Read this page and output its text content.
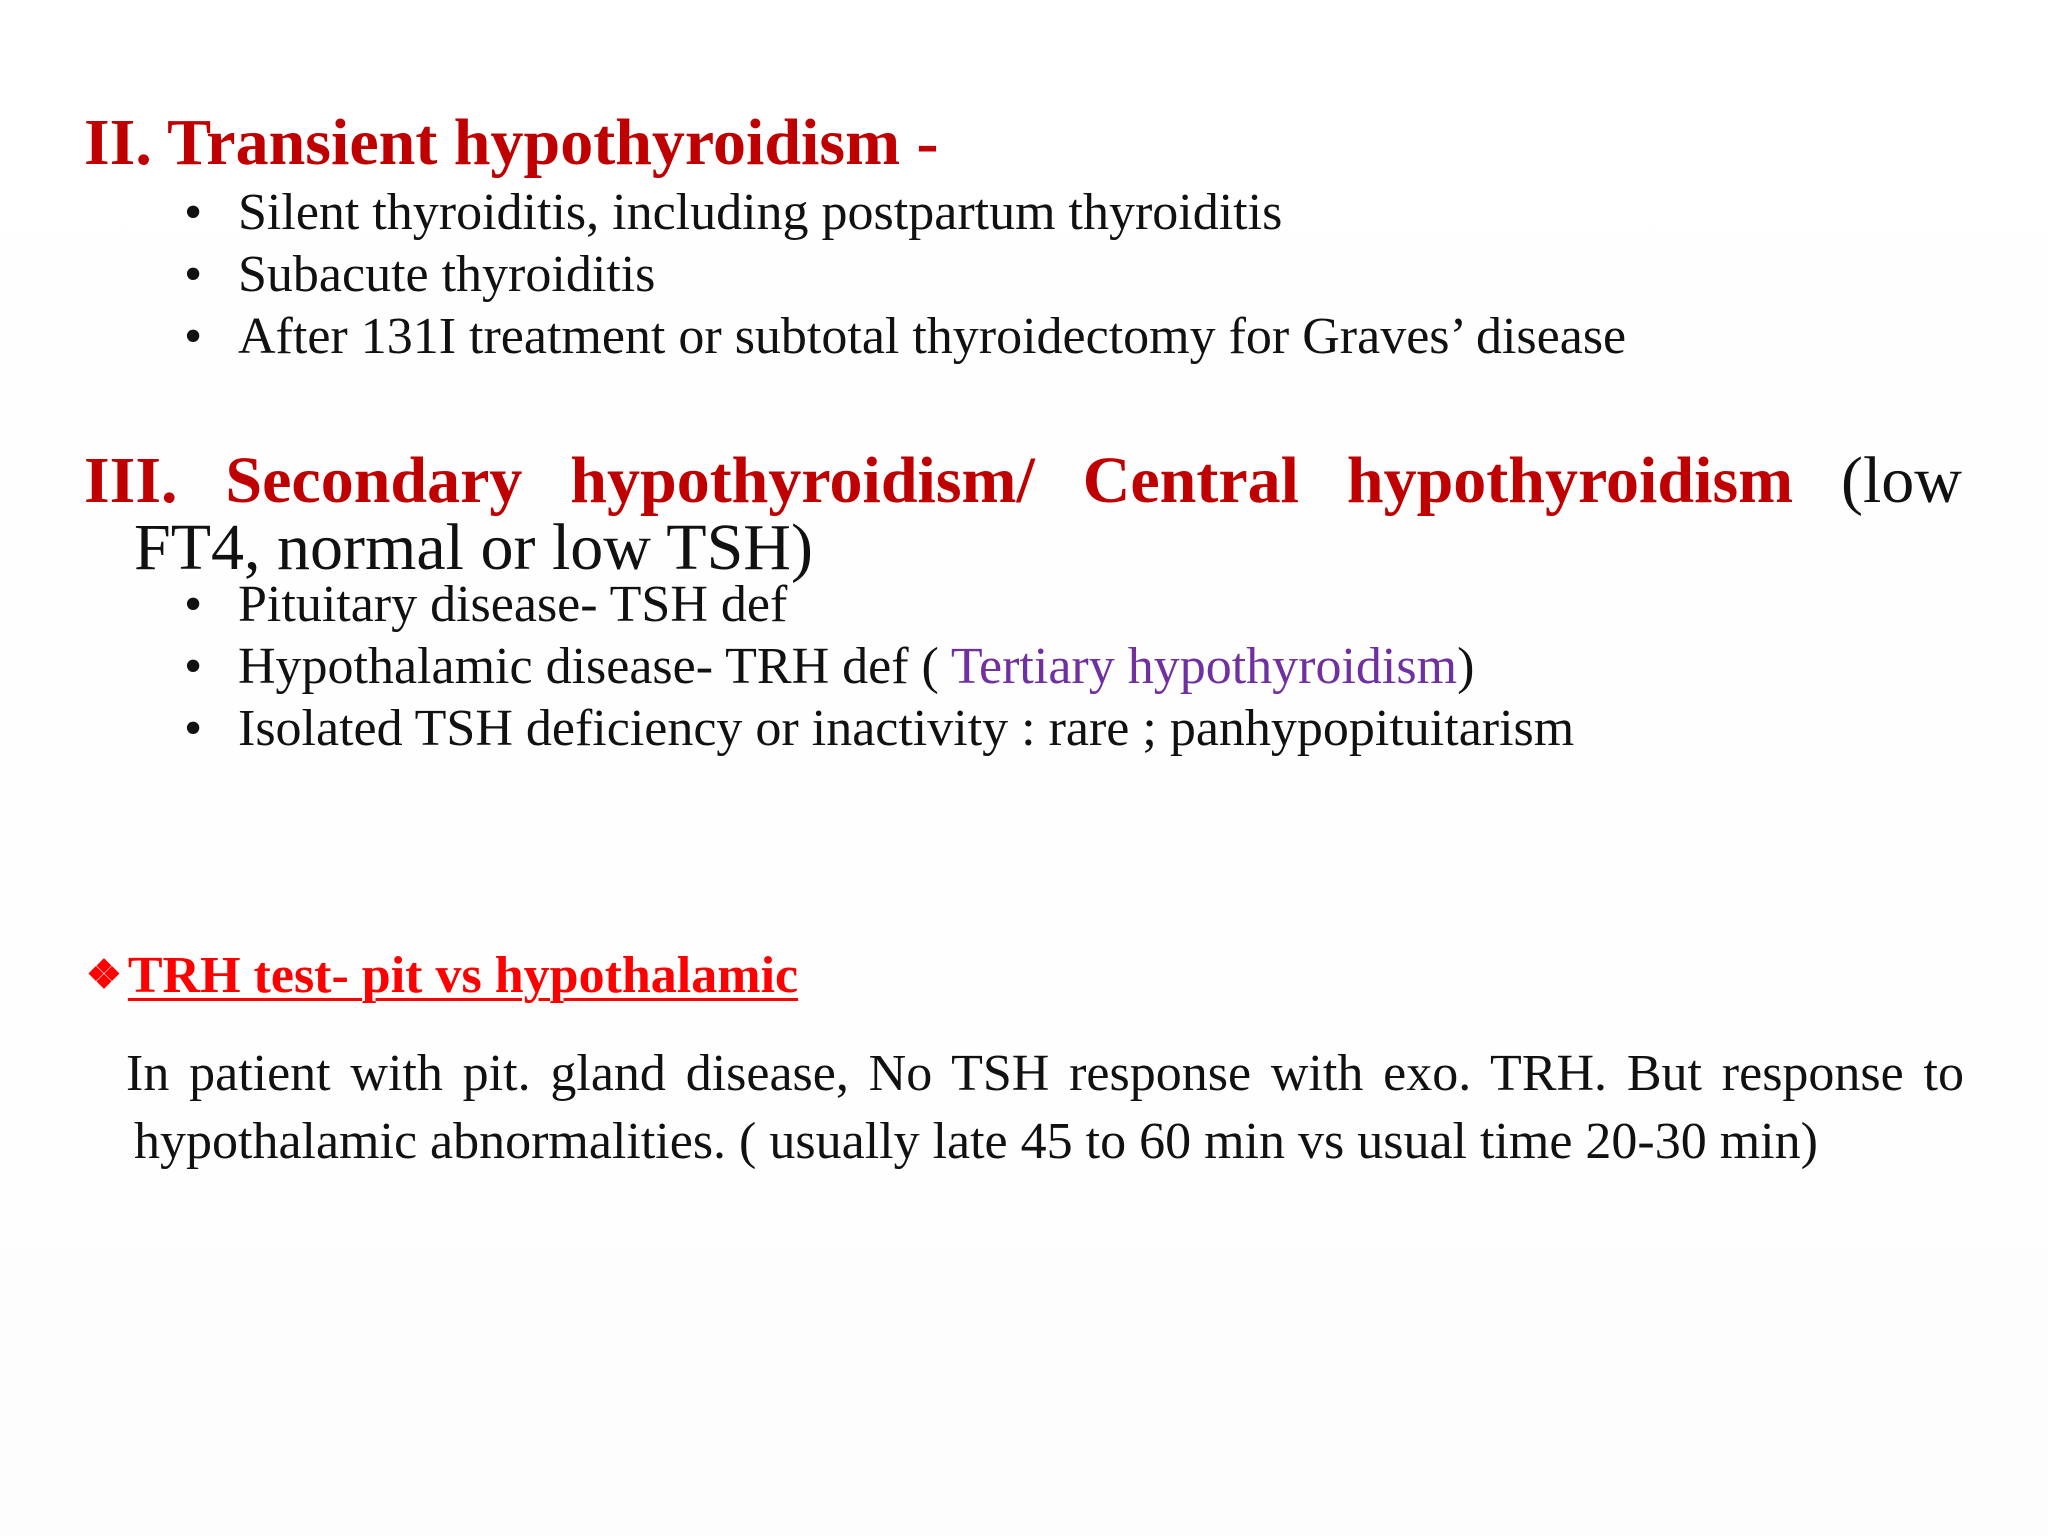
II. Transient hypothyroidism -
• Silent thyroiditis, including postpartum thyroiditis
• Subacute thyroiditis
• After 131I treatment or subtotal thyroidectomy for Graves’ disease
III. Secondary hypothyroidism/ Central hypothyroidism (low
FT4, normal or low TSH)
• Pituitary disease- TSH def
• Hypothalamic disease- TRH def ( Tertiary hypothyroidism)
• Isolated TSH deficiency or inactivity : rare ; panhypopituitarism
❖ TRH test- pit vs hypothalamic

In patient with pit. gland disease, No TSH response with exo. TRH. But response to hypothalamic abnormalities. ( usually late 45 to 60 min vs usual time 20-30 min)
